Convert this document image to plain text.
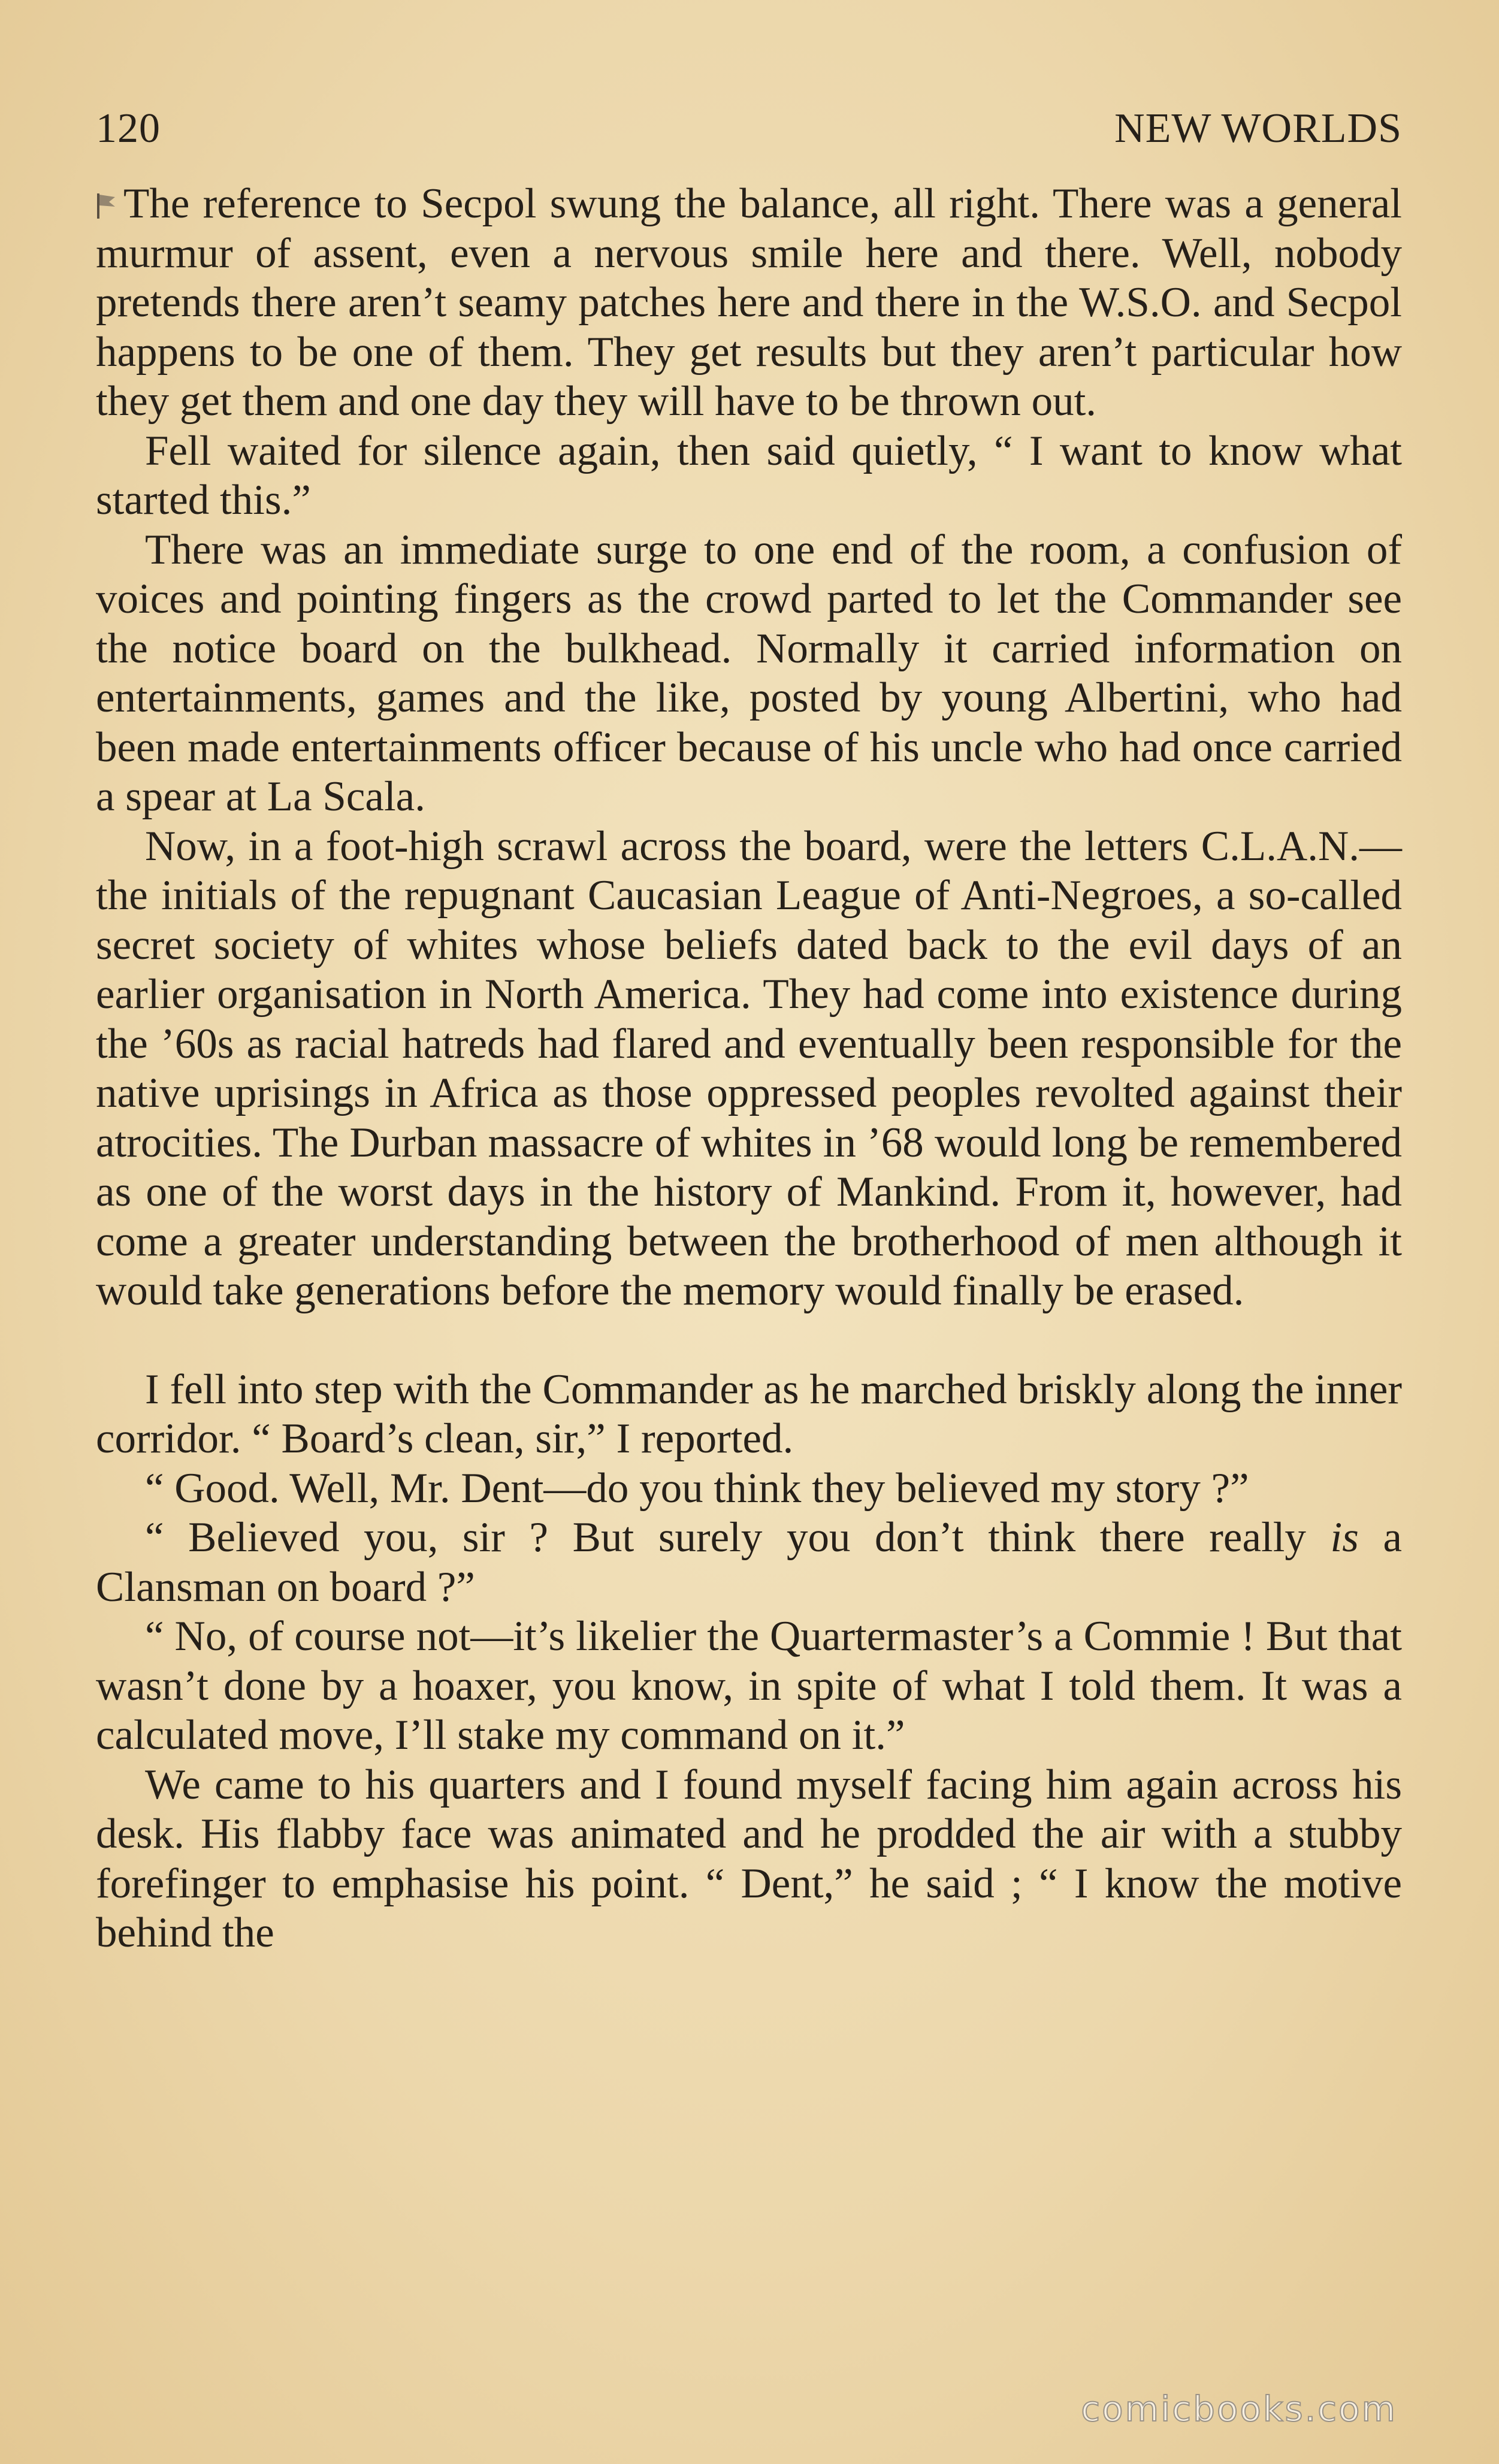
120	NEW WORLDS

The reference to Secpol swung the balance, all right. There was a general murmur of assent, even a nervous smile here and there. Well, nobody pretends there aren’t seamy patches here and there in the W.S.O. and Secpol happens to be one of them. They get results but they aren’t particular how they get them and one day they will have to be thrown out.

Fell waited for silence again, then said quietly, “ I want to know what started this.”

There was an immediate surge to one end of the room, a confusion of voices and pointing fingers as the crowd parted to let the Commander see the notice board on the bulkhead. Normally it carried information on entertainments, games and the like, posted by young Albertini, who had been made entertainments officer because of his uncle who had once carried a spear at La Scala.

Now, in a foot-high scrawl across the board, were the letters C.L.A.N.—the initials of the repugnant Caucasian League of Anti-Negroes, a so-called secret society of whites whose beliefs dated back to the evil days of an earlier organisation in North America. They had come into existence during the ’60s as racial hatreds had flared and eventually been responsible for the native uprisings in Africa as those oppressed peoples revolted against their atrocities. The Durban massacre of whites in ’68 would long be remembered as one of the worst days in the history of Mankind. From it, however, had come a greater understanding between the brotherhood of men although it would take generations before the memory would finally be erased.

I fell into step with the Commander as he marched briskly along the inner corridor. “ Board’s clean, sir,” I reported.

“ Good. Well, Mr. Dent—do you think they believed my story ?”

“ Believed you, sir ? But surely you don’t think there really is a Clansman on board ?”

“ No, of course not—it’s likelier the Quartermaster’s a Commie ! But that wasn’t done by a hoaxer, you know, in spite of what I told them. It was a calculated move, I’ll stake my command on it.”

We came to his quarters and I found myself facing him again across his desk. His flabby face was animated and he prodded the air with a stubby forefinger to emphasise his point. “ Dent,” he said ; “ I know the motive behind the

comicbooks.com
